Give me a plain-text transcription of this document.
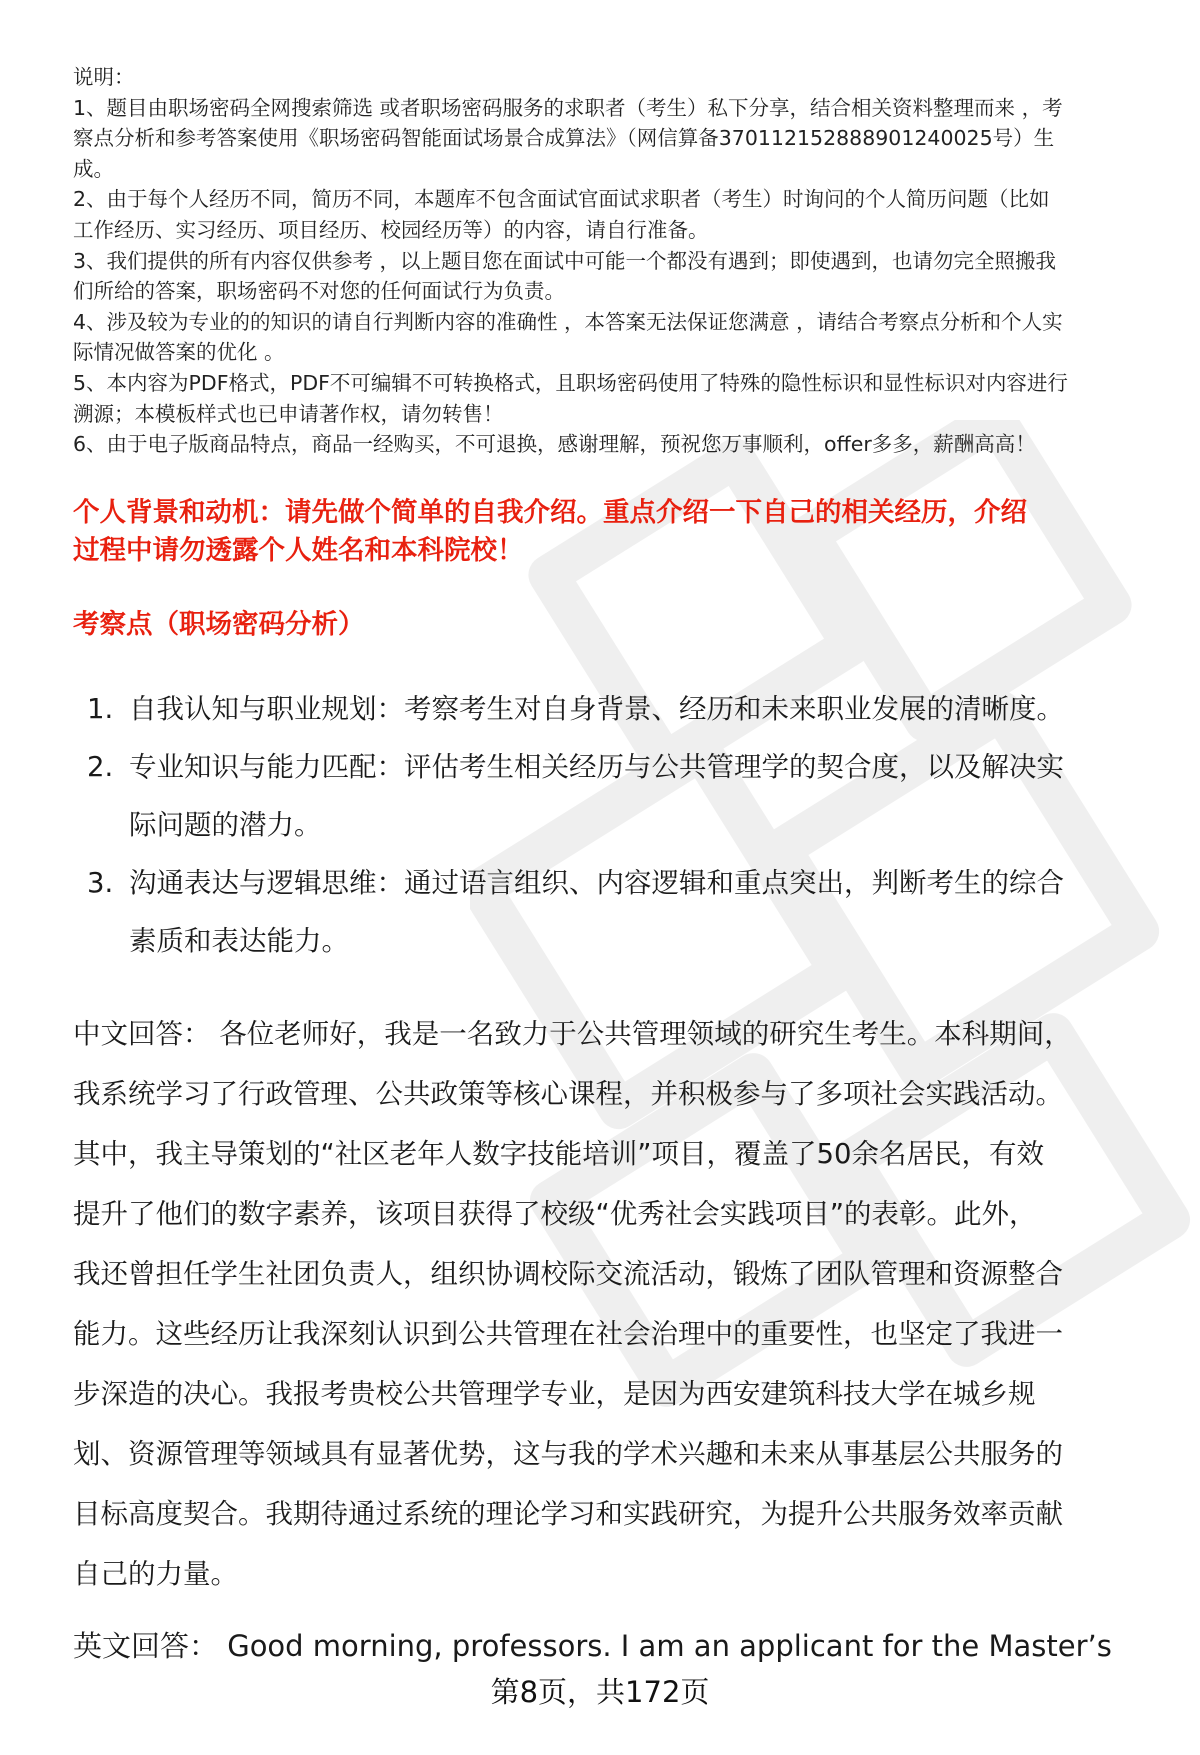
说明：
1、题目由职场密码全网搜索筛选 或者职场密码服务的求职者（考生）私下分享，结合相关资料整理而来 ，考
察点分析和参考答案使用《职场密码智能面试场景合成算法》（网信算备370112152888901240025号）生
成。
2、由于每个人经历不同，简历不同，本题库不包含面试官面试求职者（考生）时询问的个人简历问题（比如
工作经历、实习经历、项目经历、校园经历等）的内容，请自行准备。
3、我们提供的所有内容仅供参考 ，以上题目您在面试中可能一个都没有遇到；即使遇到，也请勿完全照搬我
们所给的答案，职场密码不对您的任何面试行为负责。
4、涉及较为专业的的知识的请自行判断内容的准确性 ，本答案无法保证您满意 ，请结合考察点分析和个人实
际情况做答案的优化 。
5、本内容为PDF格式，PDF不可编辑不可转换格式，且职场密码使用了特殊的隐性标识和显性标识对内容进行
溯源；本模板样式也已申请著作权，请勿转售！
6、由于电子版商品特点，商品一经购买，不可退换，感谢理解，预祝您万事顺利，offer多多，薪酬高高！
个人背景和动机：请先做个简单的自我介绍。重点介绍一下自己的相关经历，介绍
过程中请勿透露个人姓名和本科院校！
考察点（职场密码分析）
1. 自我认知与职业规划：考察考生对自身背景、经历和未来职业发展的清晰度。
2. 专业知识与能力匹配：评估考生相关经历与公共管理学的契合度，以及解决实
际问题的潜力。
3. 沟通表达与逻辑思维：通过语言组织、内容逻辑和重点突出，判断考生的综合
素质和表达能力。
中文回答： 各位老师好，我是一名致力于公共管理领域的研究生考生。本科期间，
我系统学习了行政管理、公共政策等核心课程，并积极参与了多项社会实践活动。
其中，我主导策划的“社区老年人数字技能培训”项目，覆盖了50余名居民，有效
提升了他们的数字素养，该项目获得了校级“优秀社会实践项目”的表彰。此外，
我还曾担任学生社团负责人，组织协调校际交流活动，锻炼了团队管理和资源整合
能力。这些经历让我深刻认识到公共管理在社会治理中的重要性，也坚定了我进一
步深造的决心。我报考贵校公共管理学专业，是因为西安建筑科技大学在城乡规
划、资源管理等领域具有显著优势，这与我的学术兴趣和未来从事基层公共服务的
目标高度契合。我期待通过系统的理论学习和实践研究，为提升公共服务效率贡献
自己的力量。
英文回答： Good morning, professors. I am an applicant for the Master’s
第8页，共172页
